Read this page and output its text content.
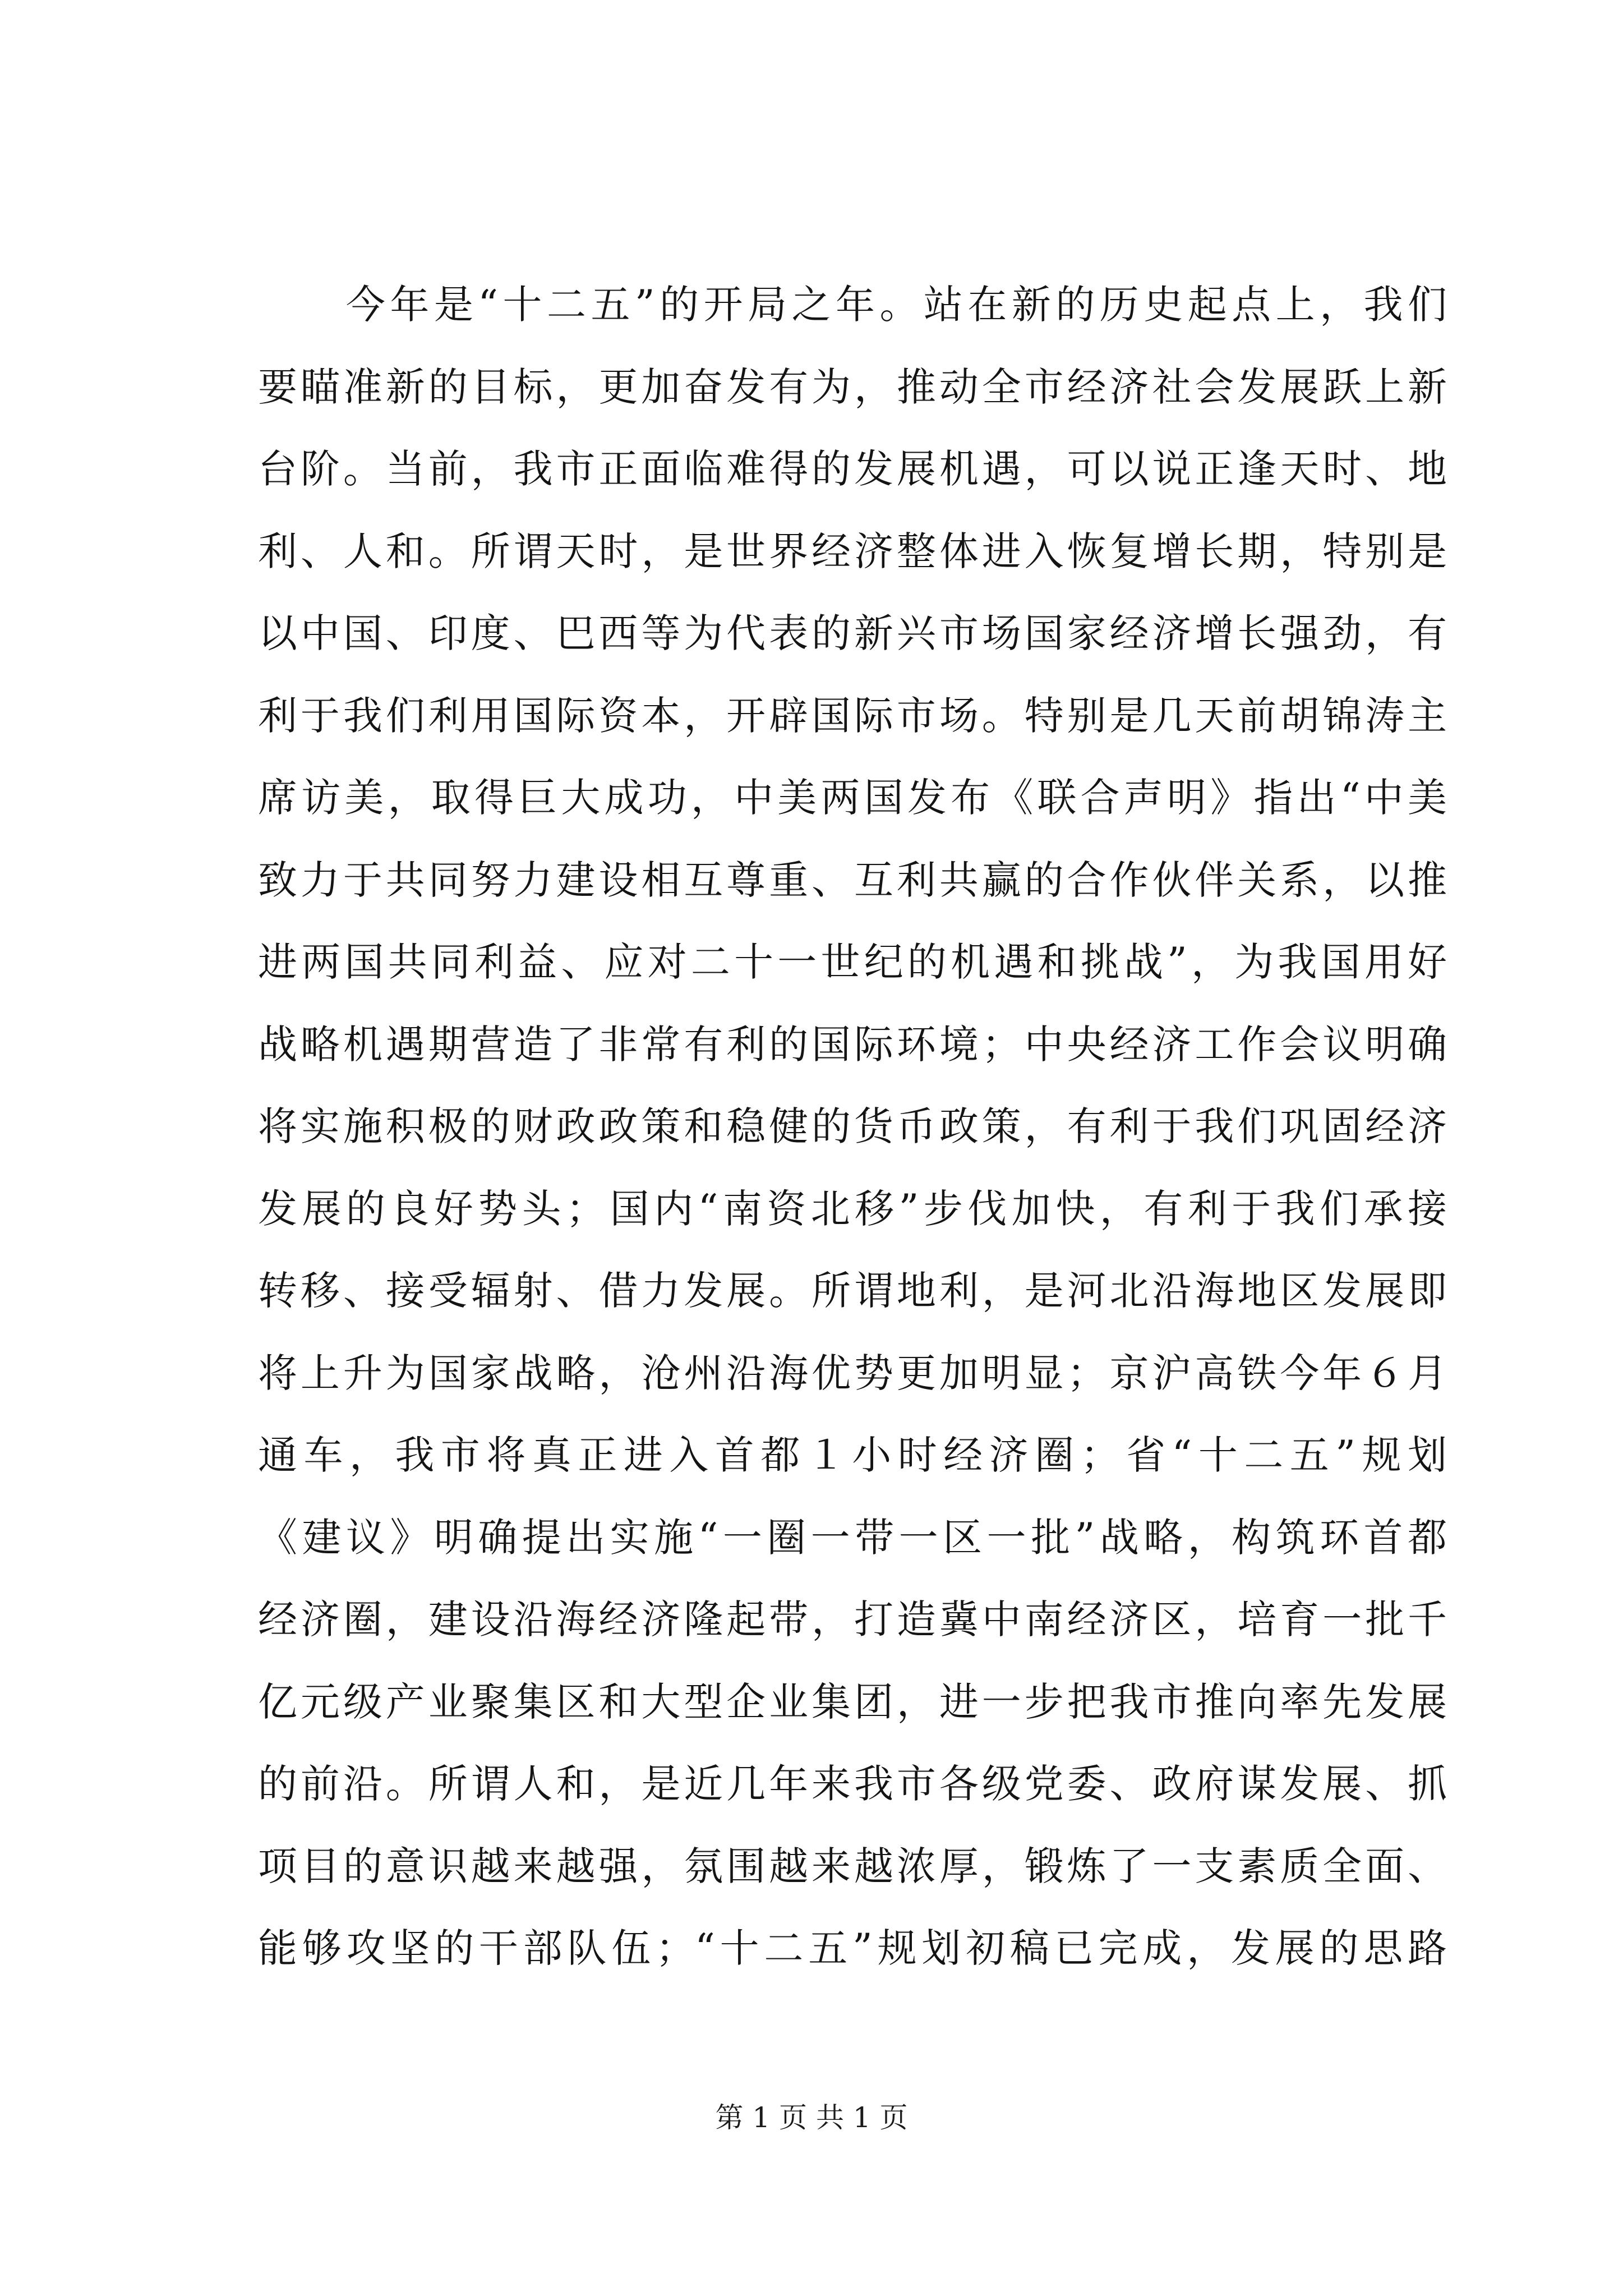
　　今年是“十二五”的开局之年。站在新的历史起点上，我们
要瞄准新的目标，更加奋发有为，推动全市经济社会发展跃上新
台阶。当前，我市正面临难得的发展机遇，可以说正逢天时、地
利、人和。所谓天时，是世界经济整体进入恢复增长期，特别是
以中国、印度、巴西等为代表的新兴市场国家经济增长强劲，有
利于我们利用国际资本，开辟国际市场。特别是几天前胡锦涛主
席访美，取得巨大成功，中美两国发布《联合声明》指出“中美
致力于共同努力建设相互尊重、互利共赢的合作伙伴关系，以推
进两国共同利益、应对二十一世纪的机遇和挑战”，为我国用好
战略机遇期营造了非常有利的国际环境；中央经济工作会议明确
将实施积极的财政政策和稳健的货币政策，有利于我们巩固经济
发展的良好势头；国内“南资北移”步伐加快，有利于我们承接
转移、接受辐射、借力发展。所谓地利，是河北沿海地区发展即
将上升为国家战略，沧州沿海优势更加明显；京沪高铁今年６月
通车，我市将真正进入首都１小时经济圈；省“十二五”规划
《建议》明确提出实施“一圈一带一区一批”战略，构筑环首都
经济圈，建设沿海经济隆起带，打造冀中南经济区，培育一批千
亿元级产业聚集区和大型企业集团，进一步把我市推向率先发展
的前沿。所谓人和，是近几年来我市各级党委、政府谋发展、抓
项目的意识越来越强，氛围越来越浓厚，锻炼了一支素质全面、
能够攻坚的干部队伍；“十二五”规划初稿已完成，发展的思路
第 1 页 共 1 页
